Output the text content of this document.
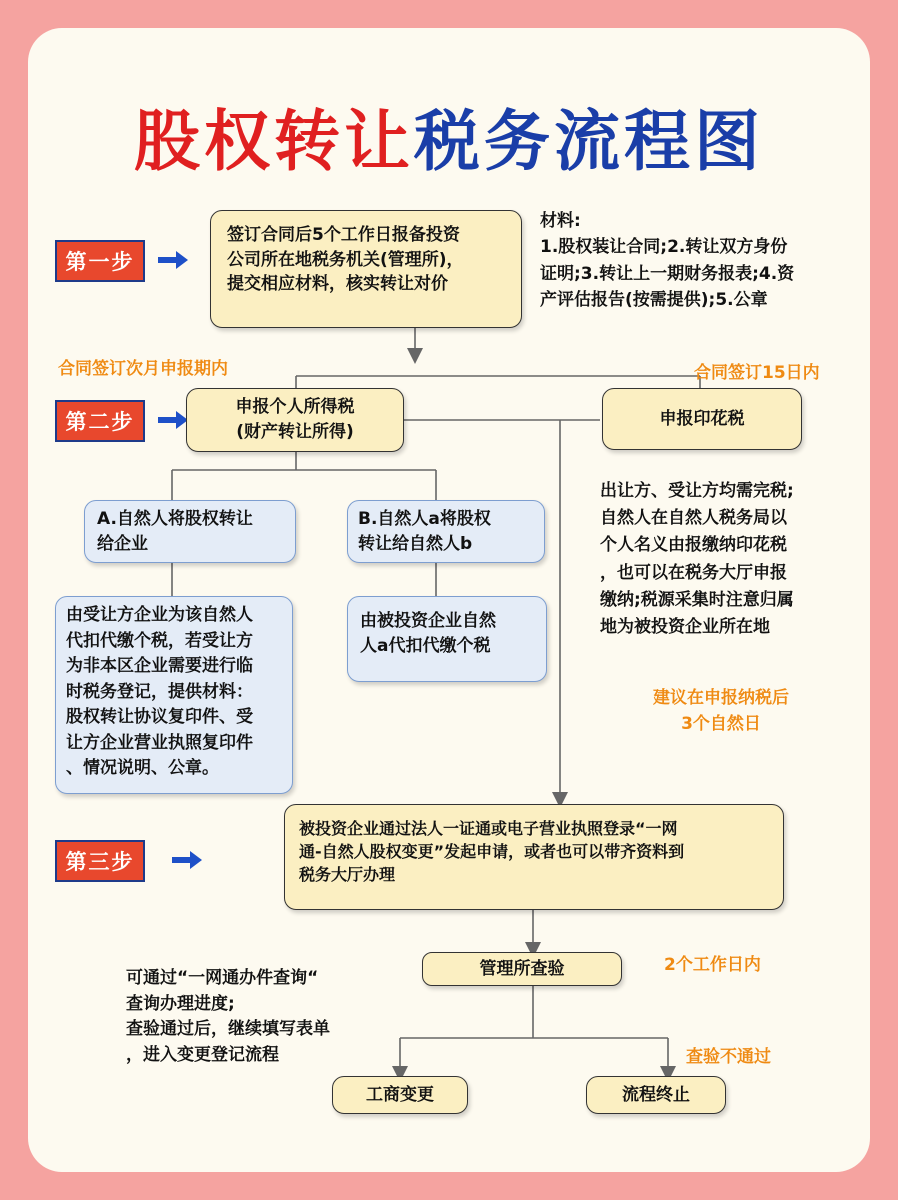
股权转让税务流程图
第一步
第二步
第三步
签订合同后5个工作日报备投资
公司所在地税务机关(管理所)，
提交相应材料，核实转让对价
材料:
1.股权装让合同;2.转让双方身份
证明;3.转让上一期财务报表;4.资
产评估报告(按需提供);5.公章
合同签订次月申报期内	合同签订15日内
申报个人所得税
(财产转让所得)
申报印花税
A.自然人将股权转让
给企业
B.自然人a将股权
转让给自然人b
由受让方企业为该自然人
代扣代缴个税，若受让方
为非本区企业需要进行临
时税务登记，提供材料：
股权转让协议复印件、受
让方企业营业执照复印件
、情况说明、公章。
由被投资企业自然
人a代扣代缴个税
出让方、受让方均需完税;
自然人在自然人税务局以
个人名义由报缴纳印花税
，也可以在税务大厅申报
缴纳;税源采集时注意归属
地为被投资企业所在地
建议在申报纳税后
3个自然日
被投资企业通过法人一证通或电子营业执照登录“一网
通-自然人股权变更”发起申请，或者也可以带齐资料到
税务大厅办理
管理所查验	2个工作日内
可通过“一网通办件查询“
查询办理进度;
查验通过后，继续填写表单
，进入变更登记流程	查验不通过
工商变更	流程终止
